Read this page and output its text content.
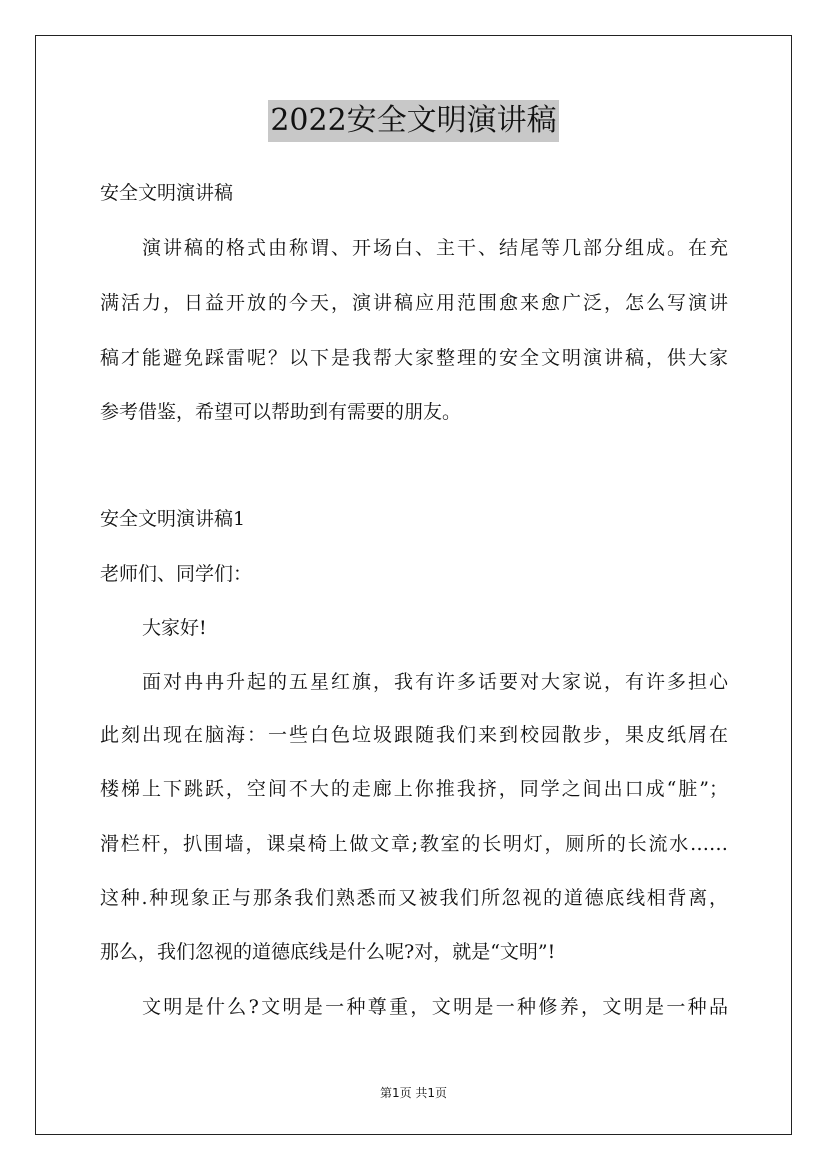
2022安全文明演讲稿
安全文明演讲稿
演讲稿的格式由称谓、开场白、主干、结尾等几部分组成。在充
满活力，日益开放的今天，演讲稿应用范围愈来愈广泛，怎么写演讲
稿才能避免踩雷呢？以下是我帮大家整理的安全文明演讲稿，供大家
参考借鉴，希望可以帮助到有需要的朋友。
安全文明演讲稿1
老师们、同学们：
大家好!
面对冉冉升起的五星红旗，我有许多话要对大家说，有许多担心
此刻出现在脑海：一些白色垃圾跟随我们来到校园散步，果皮纸屑在
楼梯上下跳跃，空间不大的走廊上你推我挤，同学之间出口成“脏”；
滑栏杆，扒围墙，课桌椅上做文章;教室的长明灯，厕所的长流水……
这种.种现象正与那条我们熟悉而又被我们所忽视的道德底线相背离，
那么，我们忽视的道德底线是什么呢?对，就是“文明”!
文明是什么?文明是一种尊重，文明是一种修养，文明是一种品
第1页 共1页
